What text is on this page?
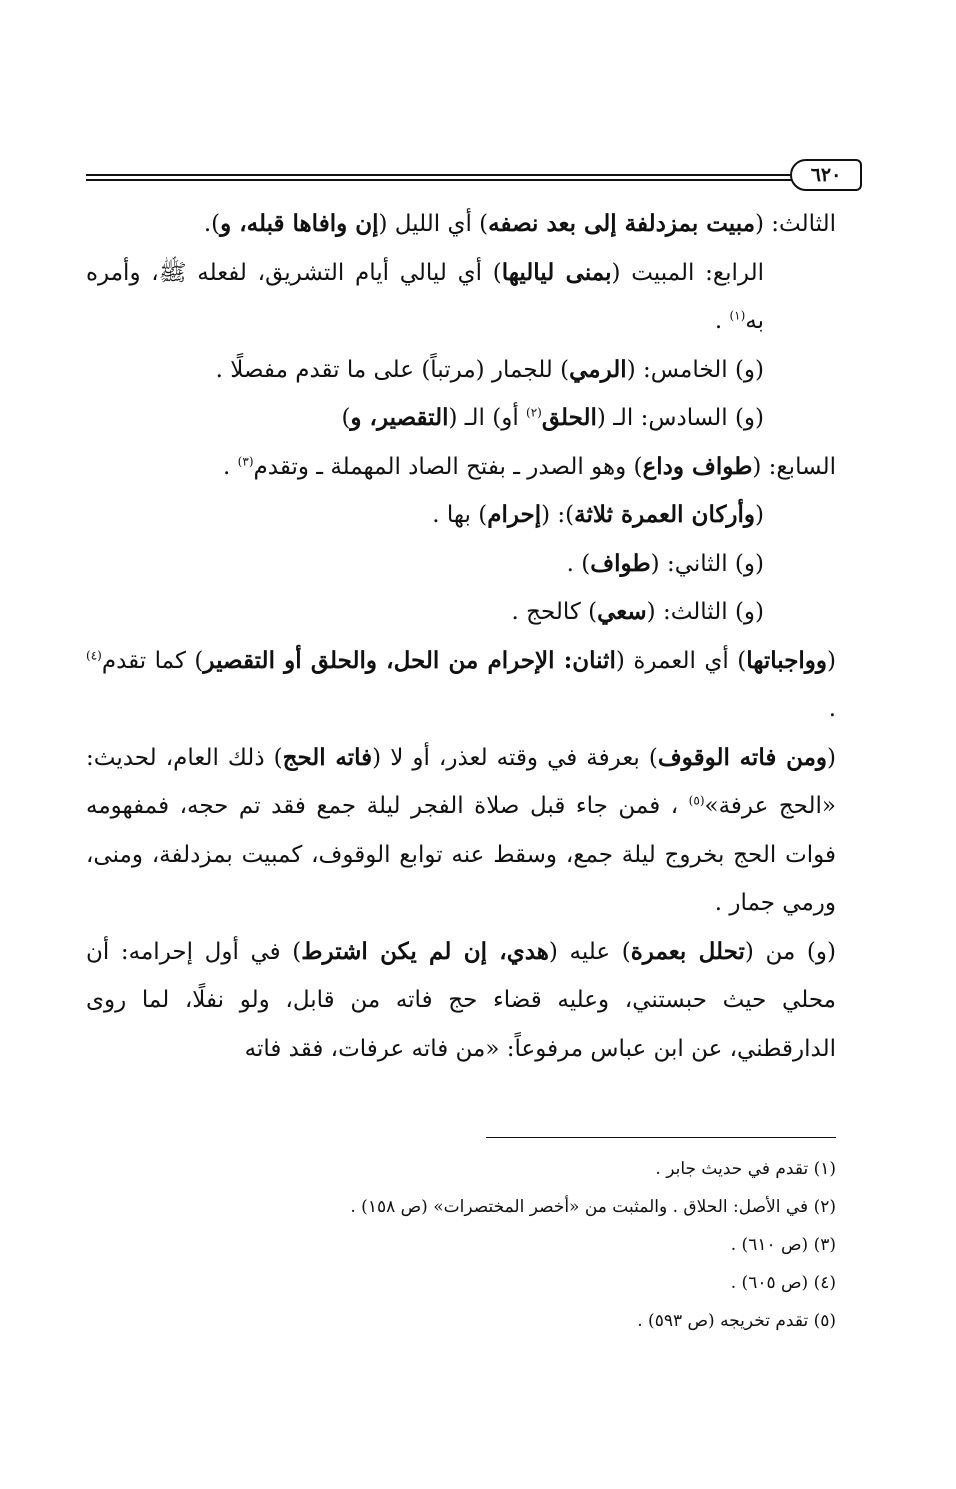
٦٢٠

الثالث: (مبيت بمزدلفة إلى بعد نصفه) أي الليل (إن وافاها قبله، و).

الرابع: المبيت (بمنى لياليها) أي ليالي أيام التشريق، لفعله ﷺ، وأمره به$^{(١)}$ .

(و) الخامس: (الرمي) للجمار (مرتباً) على ما تقدم مفصلًا .

(و) السادس: الـ (الحلق$^{(٢)}$ أو) الـ (التقصير، و)

السابع: (طواف وداع) وهو الصدر ـ بفتح الصاد المهملة ـ وتقدم$^{(٣)}$ .

(وأركان العمرة ثلاثة): (إحرام) بها .

(و) الثاني: (طواف) .

(و) الثالث: (سعي) كالحج .

(وواجباتها) أي العمرة (اثنان: الإحرام من الحل، والحلق أو التقصير) كما تقدم$^{(٤)}$ .

(ومن فاته الوقوف) بعرفة في وقته لعذر، أو لا (فاته الحج) ذلك العام، لحديث: «الحج عرفة»$^{(٥)}$ ، فمن جاء قبل صلاة الفجر ليلة جمع فقد تم حجه، فمفهومه فوات الحج بخروج ليلة جمع، وسقط عنه توابع الوقوف، كمبيت بمزدلفة، ومنى، ورمي جمار .

(و) من (تحلل بعمرة) عليه (هدي، إن لم يكن اشترط) في أول إحرامه: أن محلي حيث حبستني، وعليه قضاء حج فاته من قابل، ولو نفلًا، لما روى الدارقطني، عن ابن عباس مرفوعاً: «من فاته عرفات، فقد فاته

(١) تقدم في حديث جابر .

(٢) في الأصل: الحلاق . والمثبت من «أخصر المختصرات» (ص ١٥٨) .

(٣) (ص ٦١٠) .

(٤) (ص ٦٠٥) .

(٥) تقدم تخريجه (ص ٥٩٣) .
